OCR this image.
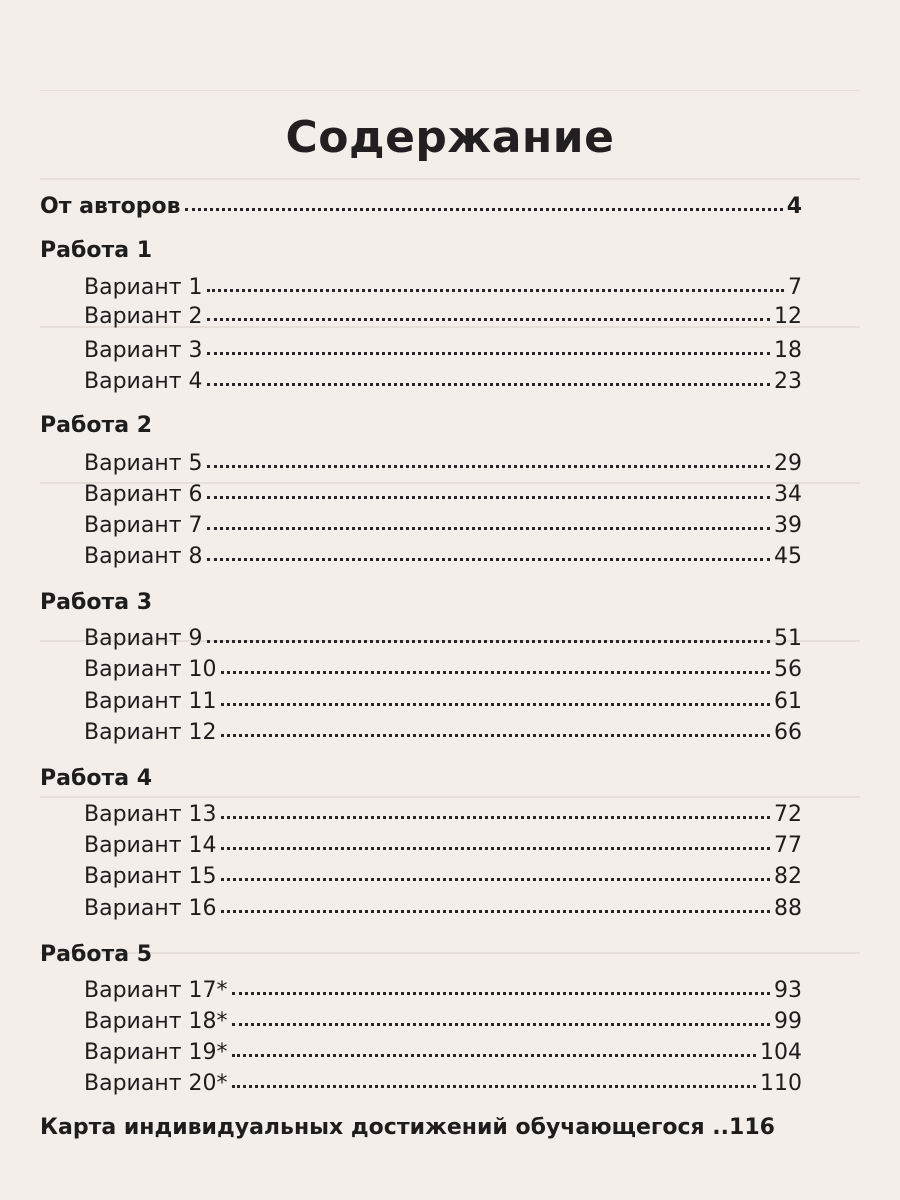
Содержание
От авторов	4
Работа 1
Вариант 1	7
Вариант 2	12
Вариант 3	18
Вариант 4	23
Работа 2
Вариант 5	29
Вариант 6	34
Вариант 7	39
Вариант 8	45
Работа 3
Вариант 9	51
Вариант 10	56
Вариант 11	61
Вариант 12	66
Работа 4
Вариант 13	72
Вариант 14	77
Вариант 15	82
Вариант 16	88
Работа 5
Вариант 17*	93
Вариант 18*	99
Вариант 19*	104
Вариант 20*	110
Карта индивидуальных достижений обучающегося .. 116
